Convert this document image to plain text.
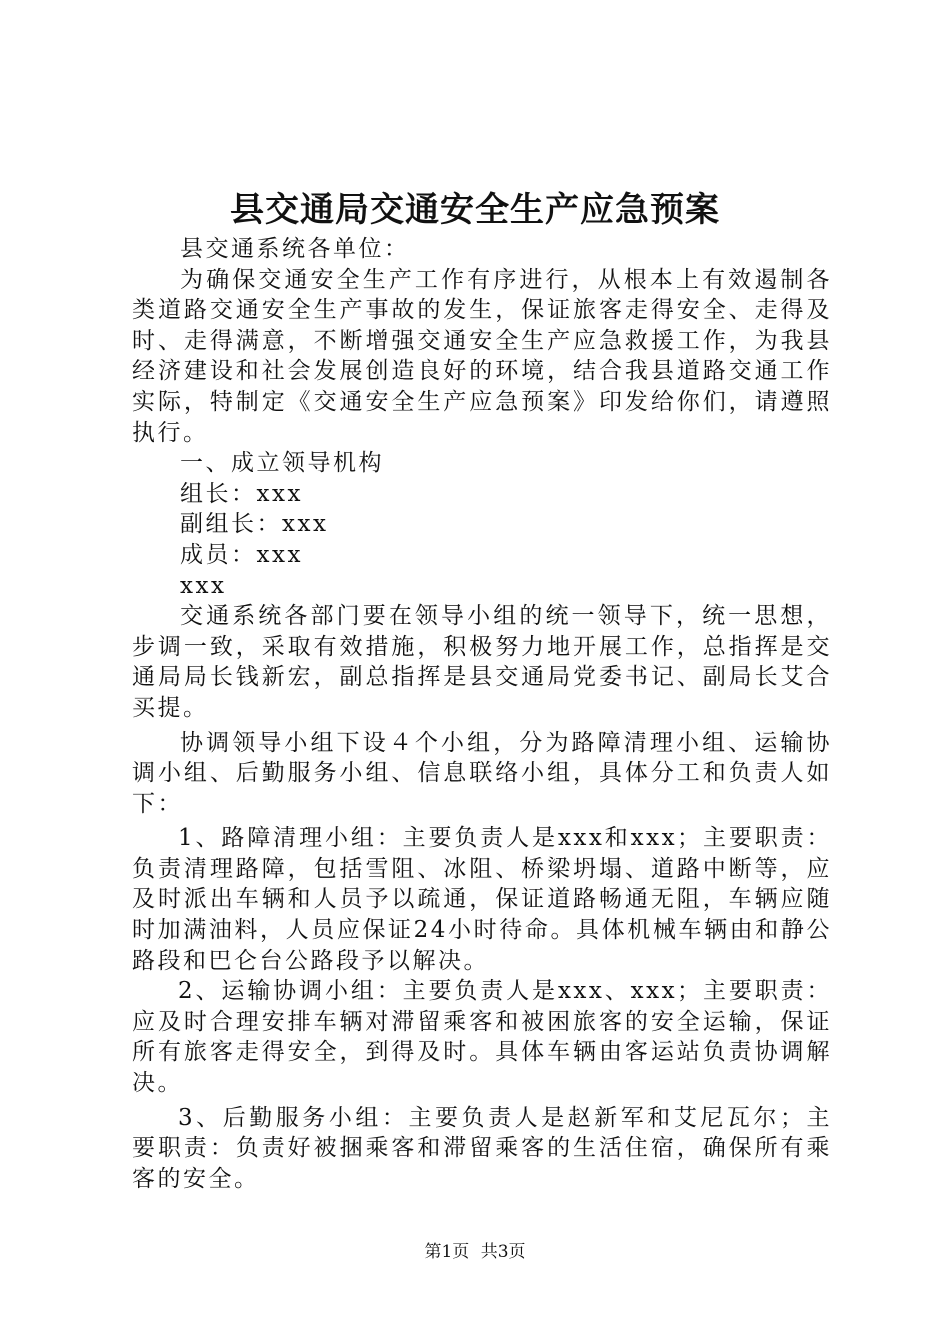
县交通局交通安全生产应急预案

县交通系统各单位：

为确保交通安全生产工作有序进行，从根本上有效遏制各类道路交通安全生产事故的发生，保证旅客走得安全、走得及时、走得满意，不断增强交通安全生产应急救援工作，为我县经济建设和社会发展创造良好的环境，结合我县道路交通工作实际，特制定《交通安全生产应急预案》印发给你们，请遵照执行。

一、成立领导机构

组长：xxx

副组长：xxx

成员：xxx

xxx

交通系统各部门要在领导小组的统一领导下，统一思想，步调一致，采取有效措施，积极努力地开展工作，总指挥是交通局局长钱新宏，副总指挥是县交通局党委书记、副局长艾合买提。

协调领导小组下设４个小组，分为路障清理小组、运输协调小组、后勤服务小组、信息联络小组，具体分工和负责人如下：

1、路障清理小组：主要负责人是xxx和xxx；主要职责：负责清理路障，包括雪阻、冰阻、桥梁坍塌、道路中断等，应及时派出车辆和人员予以疏通，保证道路畅通无阻，车辆应随时加满油料，人员应保证24小时待命。具体机械车辆由和静公路段和巴仑台公路段予以解决。

2、运输协调小组：主要负责人是xxx、xxx；主要职责：应及时合理安排车辆对滞留乘客和被困旅客的安全运输，保证所有旅客走得安全，到得及时。具体车辆由客运站负责协调解决。

3、后勤服务小组：主要负责人是赵新军和艾尼瓦尔；主要职责：负责好被捆乘客和滞留乘客的生活住宿，确保所有乘客的安全。

第1页 共3页
